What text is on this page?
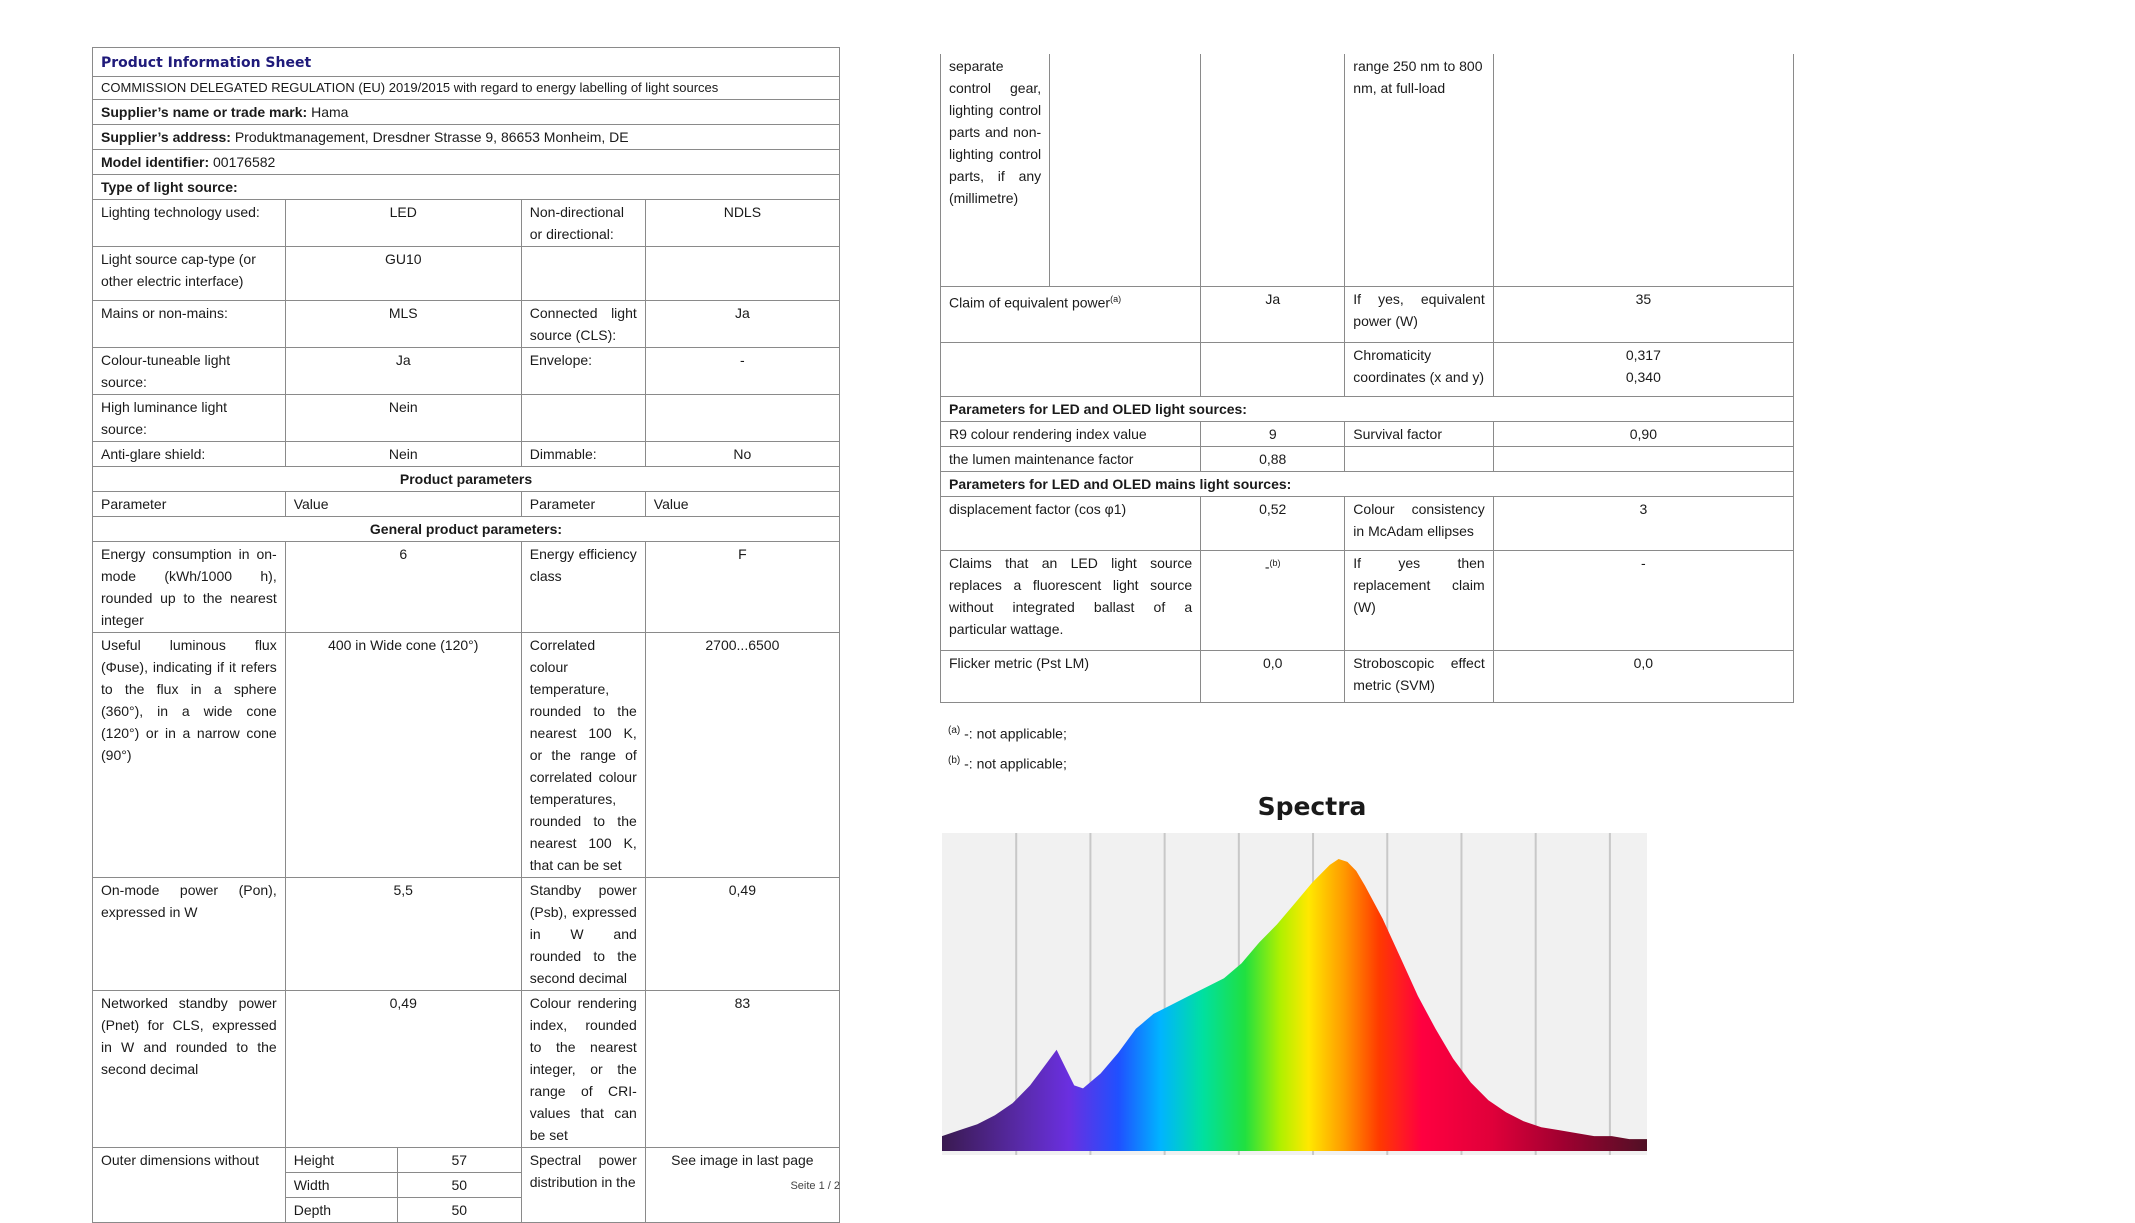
Product Information Sheet				
COMMISSION DELEGATED REGULATION (EU) 2019/2015 with regard to energy labelling of light sources				
Supplier’s name or trade mark: Hama				
Supplier’s address: Produktmanagement, Dresdner Strasse 9, 86653 Monheim, DE				
Model identifier: 00176582				
Type of light source:				
Lighting technology used:	LED		Non-directional or directional:	NDLS
Light source cap-type (or other electric interface)	GU10			
Mains or non-mains:	MLS		Connected light source (CLS):	Ja
Colour-tuneable light source:	Ja		Envelope:	-
High luminance light source:	Nein			
Anti-glare shield:	Nein		Dimmable:	No
Product parameters				
Parameter	Value		Parameter	Value
General product parameters:				
Energy consumption in on-mode (kWh/1000 h), rounded up to the nearest integer	6		Energy efficiency class	F
Useful luminous flux (Φuse), indicating if it refers to the flux in a sphere (360°), in a wide cone (120°) or in a narrow cone (90°)	400 in Wide cone (120°)		Correlated colour temperature, rounded to the nearest 100 K, or the range of correlated colour temperatures, rounded to the nearest 100 K, that can be set	2700...6500
On-mode power (Pon), expressed in W	5,5		Standby power (Psb), expressed in W and rounded to the second decimal	0,49
Networked standby power (Pnet) for CLS, expressed in W and rounded to the second decimal	0,49		Colour rendering index, rounded to the nearest integer, or the range of CRI-values that can be set	83
Outer dimensions without	Height	57	Spectral power distribution in the	See image in last page
	Width	50		
	Depth	50		
Seite 1 / 2
separate control gear, lighting control parts and non-lighting control parts, if any (millimetre)			range 250 nm to 800 nm, at full-load	
Claim of equivalent power$^{(a)}$		Ja	If yes, equivalent power (W)	35
			Chromaticity coordinates (x and y)	0,317
0,340

Parameters for LED and OLED light sources:				
R9 colour rendering index value		9	Survival factor	0,90
the lumen maintenance factor		0,88		
Parameters for LED and OLED mains light sources:				
displacement factor (cos φ1)		0,52	Colour consistency in McAdam ellipses	3
Claims that an LED light source replaces a fluorescent light source without integrated ballast of a particular wattage.		-$^{(b)}$	If yes then replacement claim (W)	-
Flicker metric (Pst LM)		0,0	Stroboscopic effect metric (SVM)	0,0
$^{(a)}$ -: not applicable;
$^{(b)}$ -: not applicable;
Spectra
